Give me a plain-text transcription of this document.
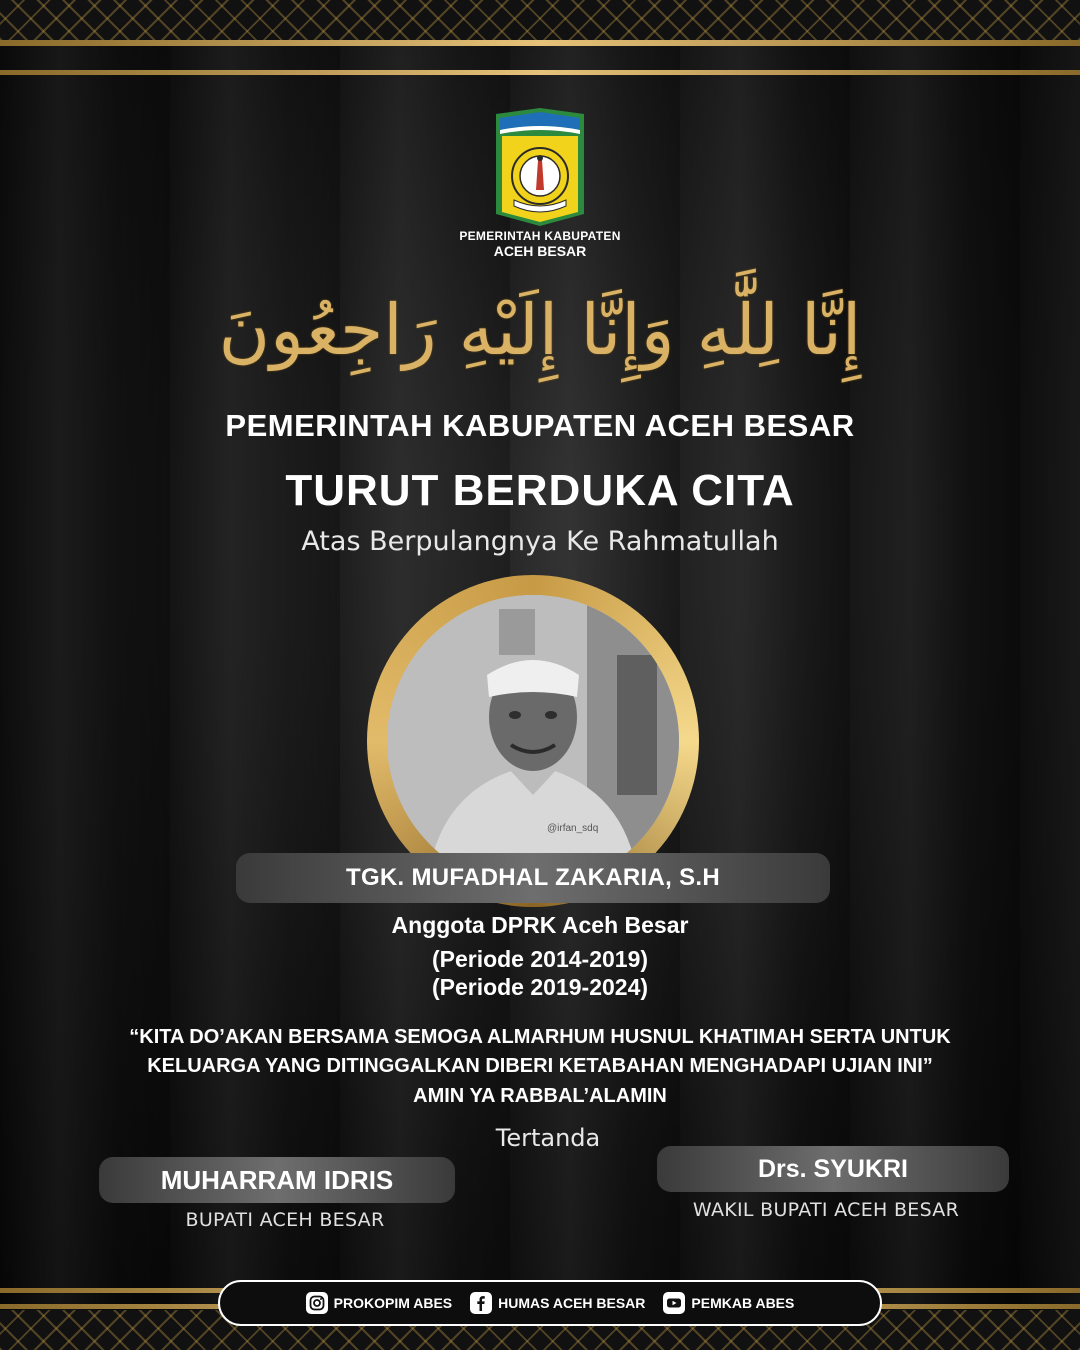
PEMERINTAH KABUPATEN
ACEH BESAR
إِنَّا لِلَّٰهِ وَإِنَّا إِلَيْهِ رَاجِعُونَ
PEMERINTAH KABUPATEN ACEH BESAR
TURUT BERDUKA CITA
Atas Berpulangnya Ke Rahmatullah
@irfan_sdq
TGK. MUFADHAL ZAKARIA, S.H
Anggota DPRK Aceh Besar
(Periode 2014-2019)
(Periode 2019-2024)
“KITA DO’AKAN BERSAMA SEMOGA ALMARHUM HUSNUL KHATIMAH SERTA UNTUK
KELUARGA YANG DITINGGALKAN DIBERI KETABAHAN MENGHADAPI UJIAN INI”
AMIN YA RABBAL’ALAMIN
Tertanda
MUHARRAM IDRIS
BUPATI ACEH BESAR
Drs. SYUKRI
WAKIL BUPATI ACEH BESAR
PROKOPIM ABES	HUMAS ACEH BESAR	PEMKAB ABES
